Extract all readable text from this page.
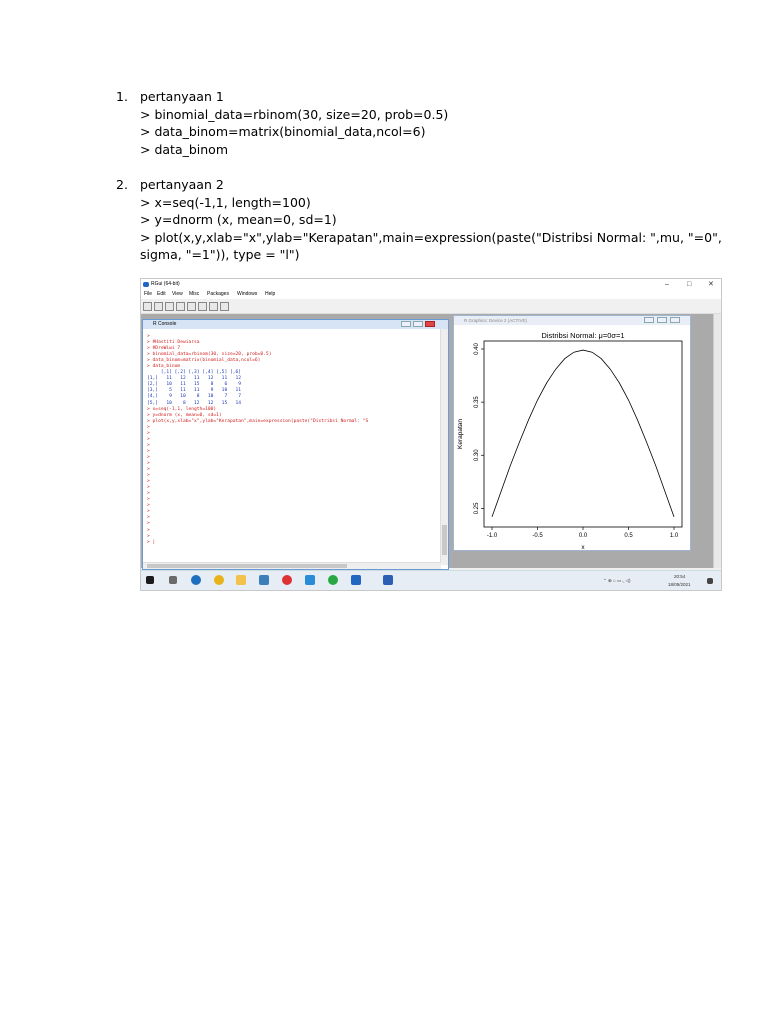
1. pertanyaan 1
> binomial_data=rbinom(30, size=20, prob=0.5)
> data_binom=matrix(binomial_data,ncol=6)
> data_binom
2. pertanyaan 2
> x=seq(-1,1, length=100)
> y=dnorm (x, mean=0, sd=1)
> plot(x,y,xlab="x",ylab="Kerapatan",main=expression(paste("Distribsi Normal: ",mu, "=0",
sigma, "=1")), type = "l")
RGui (64-bit)	–	□ ✕
File Edit View Misc Packages Windows Help
R Console
>
> #Hastiti Dewiarsa
> #DreWiwi 7
> binomial_data=rbinom(30, size=20, prob=0.5)
> data_binom=matrix(binomial_data,ncol=6)
> data_binom
[,1] [,2] [,3] [,4] [,5] [,6]
[1,]   11   12   11   12   11   12
[2,]   10   11   15    8    6    9
[3,]    5   11   11    9   10   11
[4,]    9   10    8   10    7    7
[5,]   10    8   12   12   15   14
> x=seq(-1,1, length=100)
> y=dnorm (x, mean=0, sd=1)
> plot(x,y,xlab="x",ylab="Kerapatan",main=expression(paste("Distribsi Normal: "S
>
>
>
>
>
>
>
>
>
>
>
>
>
>
>
>
>
>
>
> |
R Graphics: Device 2 (ACTIVE)
Distribsi Normal: μ=0σ=1
x
Kerapatan
-1.0	-0.5	0.0	0.5	1.0
0.25
0.30
0.35
0.40
⌃ ⊕ ⌂ ▭ ◟ ◁)
20:54
18/05/2021
